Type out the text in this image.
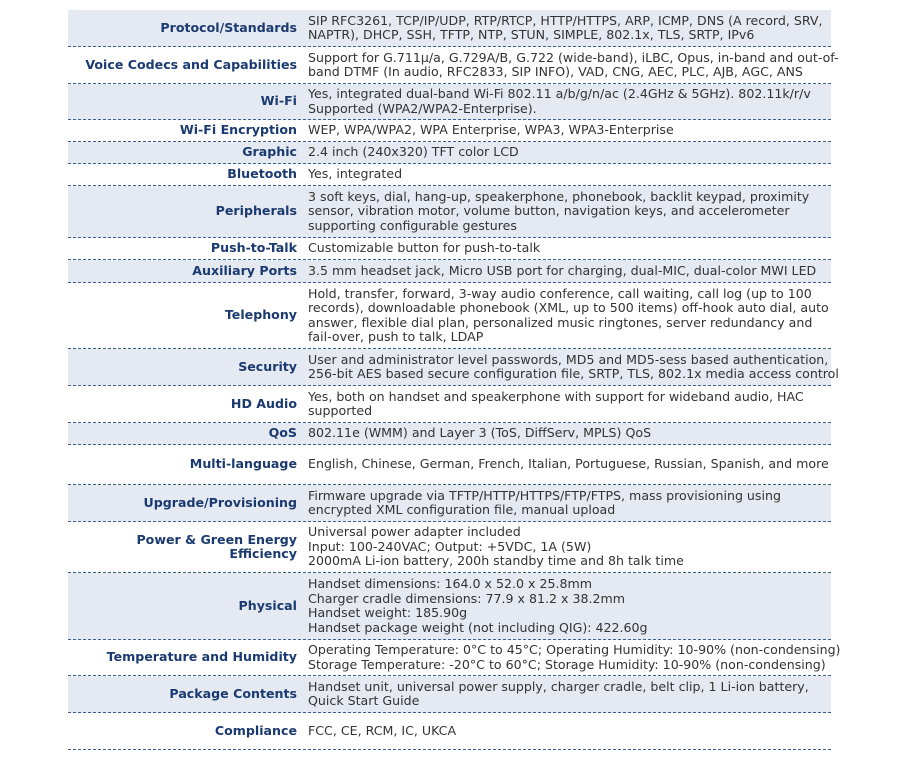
Protocol/Standards SIP RFC3261, TCP/IP/UDP, RTP/RTCP, HTTP/HTTPS, ARP, ICMP, DNS (A record, SRV,
NAPTR), DHCP, SSH, TFTP, NTP, STUN, SIMPLE, 802.1x, TLS, SRTP, IPv6
Voice Codecs and Capabilities Support for G.711μ/a, G.729A/B, G.722 (wide-band), iLBC, Opus, in-band and out-of-
band DTMF (In audio, RFC2833, SIP INFO), VAD, CNG, AEC, PLC, AJB, AGC, ANS
Wi-Fi Yes, integrated dual-band Wi-Fi 802.11 a/b/g/n/ac (2.4GHz & 5GHz). 802.11k/r/v
Supported (WPA2/WPA2-Enterprise).
Wi-Fi Encryption WEP, WPA/WPA2, WPA Enterprise, WPA3, WPA3-Enterprise
Graphic 2.4 inch (240x320) TFT color LCD
Bluetooth Yes, integrated
Peripherals
3 soft keys, dial, hang-up, speakerphone, phonebook, backlit keypad, proximity
sensor, vibration motor, volume button, navigation keys, and accelerometer
supporting configurable gestures
Push-to-Talk Customizable button for push-to-talk
Auxiliary Ports 3.5 mm headset jack, Micro USB port for charging, dual-MIC, dual-color MWI LED
Telephony
Hold, transfer, forward, 3-way audio conference, call waiting, call log (up to 100
records), downloadable phonebook (XML, up to 500 items) off-hook auto dial, auto
answer, flexible dial plan, personalized music ringtones, server redundancy and
fail-over, push to talk, LDAP
Security User and administrator level passwords, MD5 and MD5-sess based authentication,
256-bit AES based secure configuration file, SRTP, TLS, 802.1x media access control
HD Audio Yes, both on handset and speakerphone with support for wideband audio, HAC
supported
QoS 802.11e (WMM) and Layer 3 (ToS, DiffServ, MPLS) QoS
Multi-language English, Chinese, German, French, Italian, Portuguese, Russian, Spanish, and more
Upgrade/Provisioning Firmware upgrade via TFTP/HTTP/HTTPS/FTP/FTPS, mass provisioning using
encrypted XML configuration file, manual upload
Power & Green Energy Efficiency
Universal power adapter included
Input: 100-240VAC; Output: +5VDC, 1A (5W)
2000mA Li-ion battery, 200h standby time and 8h talk time
Physical
Handset dimensions: 164.0 x 52.0 x 25.8mm
Charger cradle dimensions: 77.9 x 81.2 x 38.2mm
Handset weight: 185.90g
Handset package weight (not including QIG): 422.60g
Temperature and Humidity Operating Temperature: 0°C to 45°C; Operating Humidity: 10-90% (non-condensing)
Storage Temperature: -20°C to 60°C; Storage Humidity: 10-90% (non-condensing)
Package Contents Handset unit, universal power supply, charger cradle, belt clip, 1 Li-ion battery,
Quick Start Guide
Compliance FCC, CE, RCM, IC, UKCA
